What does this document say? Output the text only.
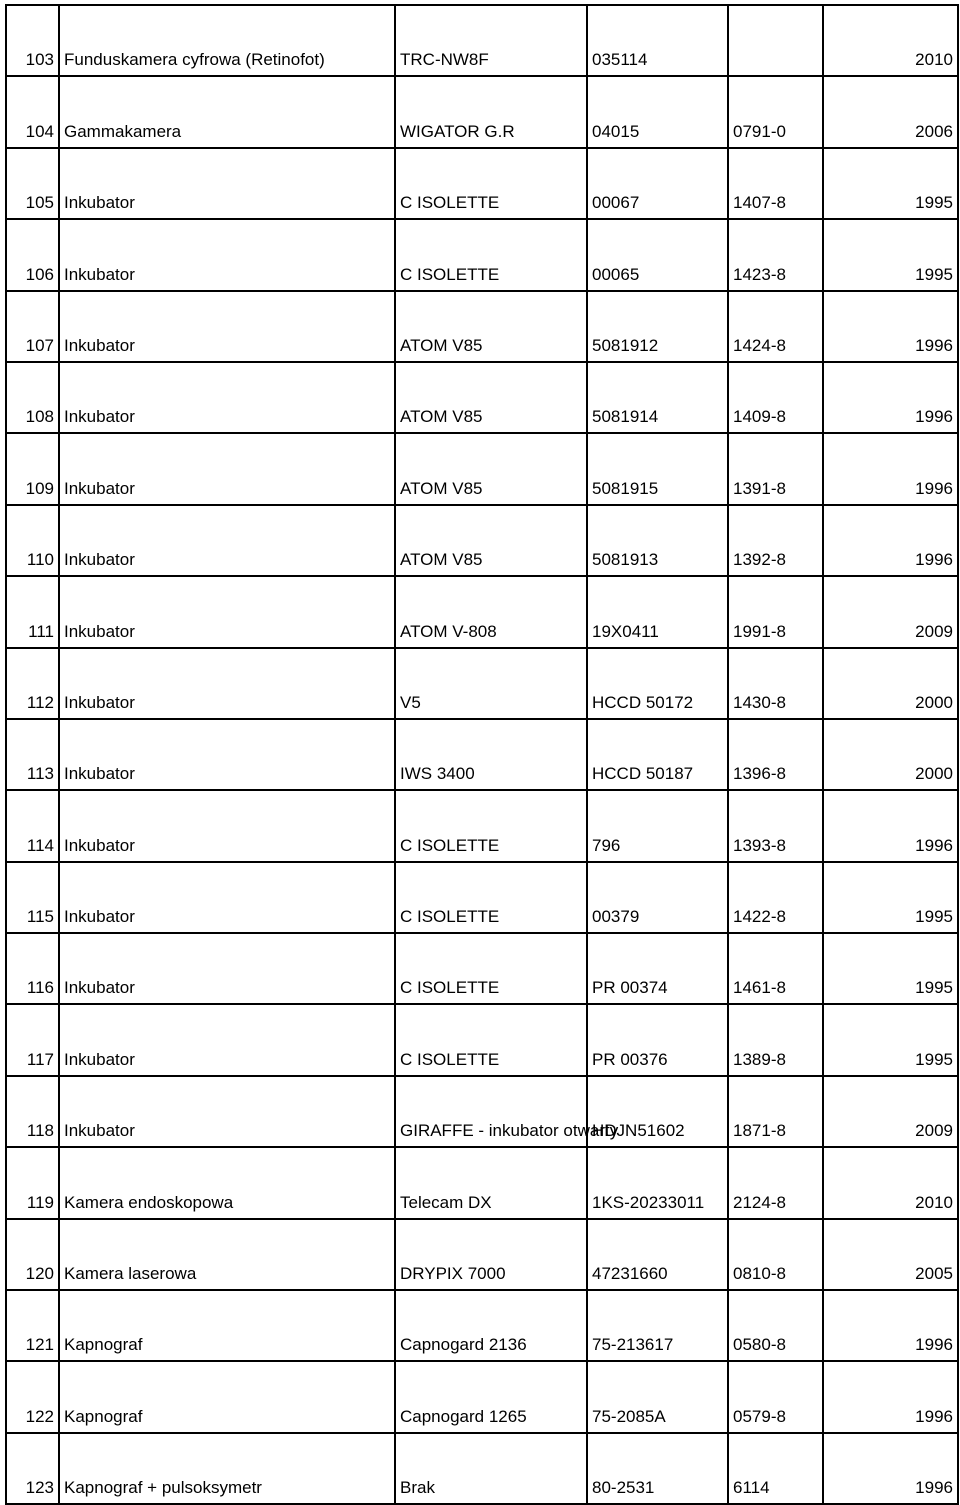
103	Funduskamera cyfrowa (Retinofot)	TRC-NW8F	035114		2010
104	Gammakamera	WIGATOR G.R	04015	0791-0	2006
105	Inkubator	C ISOLETTE	00067	1407-8	1995
106	Inkubator	C ISOLETTE	00065	1423-8	1995
107	Inkubator	ATOM V85	5081912	1424-8	1996
108	Inkubator	ATOM V85	5081914	1409-8	1996
109	Inkubator	ATOM V85	5081915	1391-8	1996
110	Inkubator	ATOM V85	5081913	1392-8	1996
111	Inkubator	ATOM V-808	19X0411	1991-8	2009
112	Inkubator	V5	HCCD 50172	1430-8	2000
113	Inkubator	IWS 3400	HCCD 50187	1396-8	2000
114	Inkubator	C ISOLETTE	796	1393-8	1996
115	Inkubator	C ISOLETTE	00379	1422-8	1995
116	Inkubator	C ISOLETTE	PR 00374	1461-8	1995
117	Inkubator	C ISOLETTE	PR 00376	1389-8	1995
118	Inkubator	GIRAFFE - inkubator otwarty	HDJN51602	1871-8	2009
119	Kamera endoskopowa	Telecam DX	1KS-20233011	2124-8	2010
120	Kamera laserowa	DRYPIX 7000	47231660	0810-8	2005
121	Kapnograf	Capnogard 2136	75-213617	0580-8	1996
122	Kapnograf	Capnogard 1265	75-2085A	0579-8	1996
123	Kapnograf + pulsoksymetr	Brak	80-2531	6114	1996
